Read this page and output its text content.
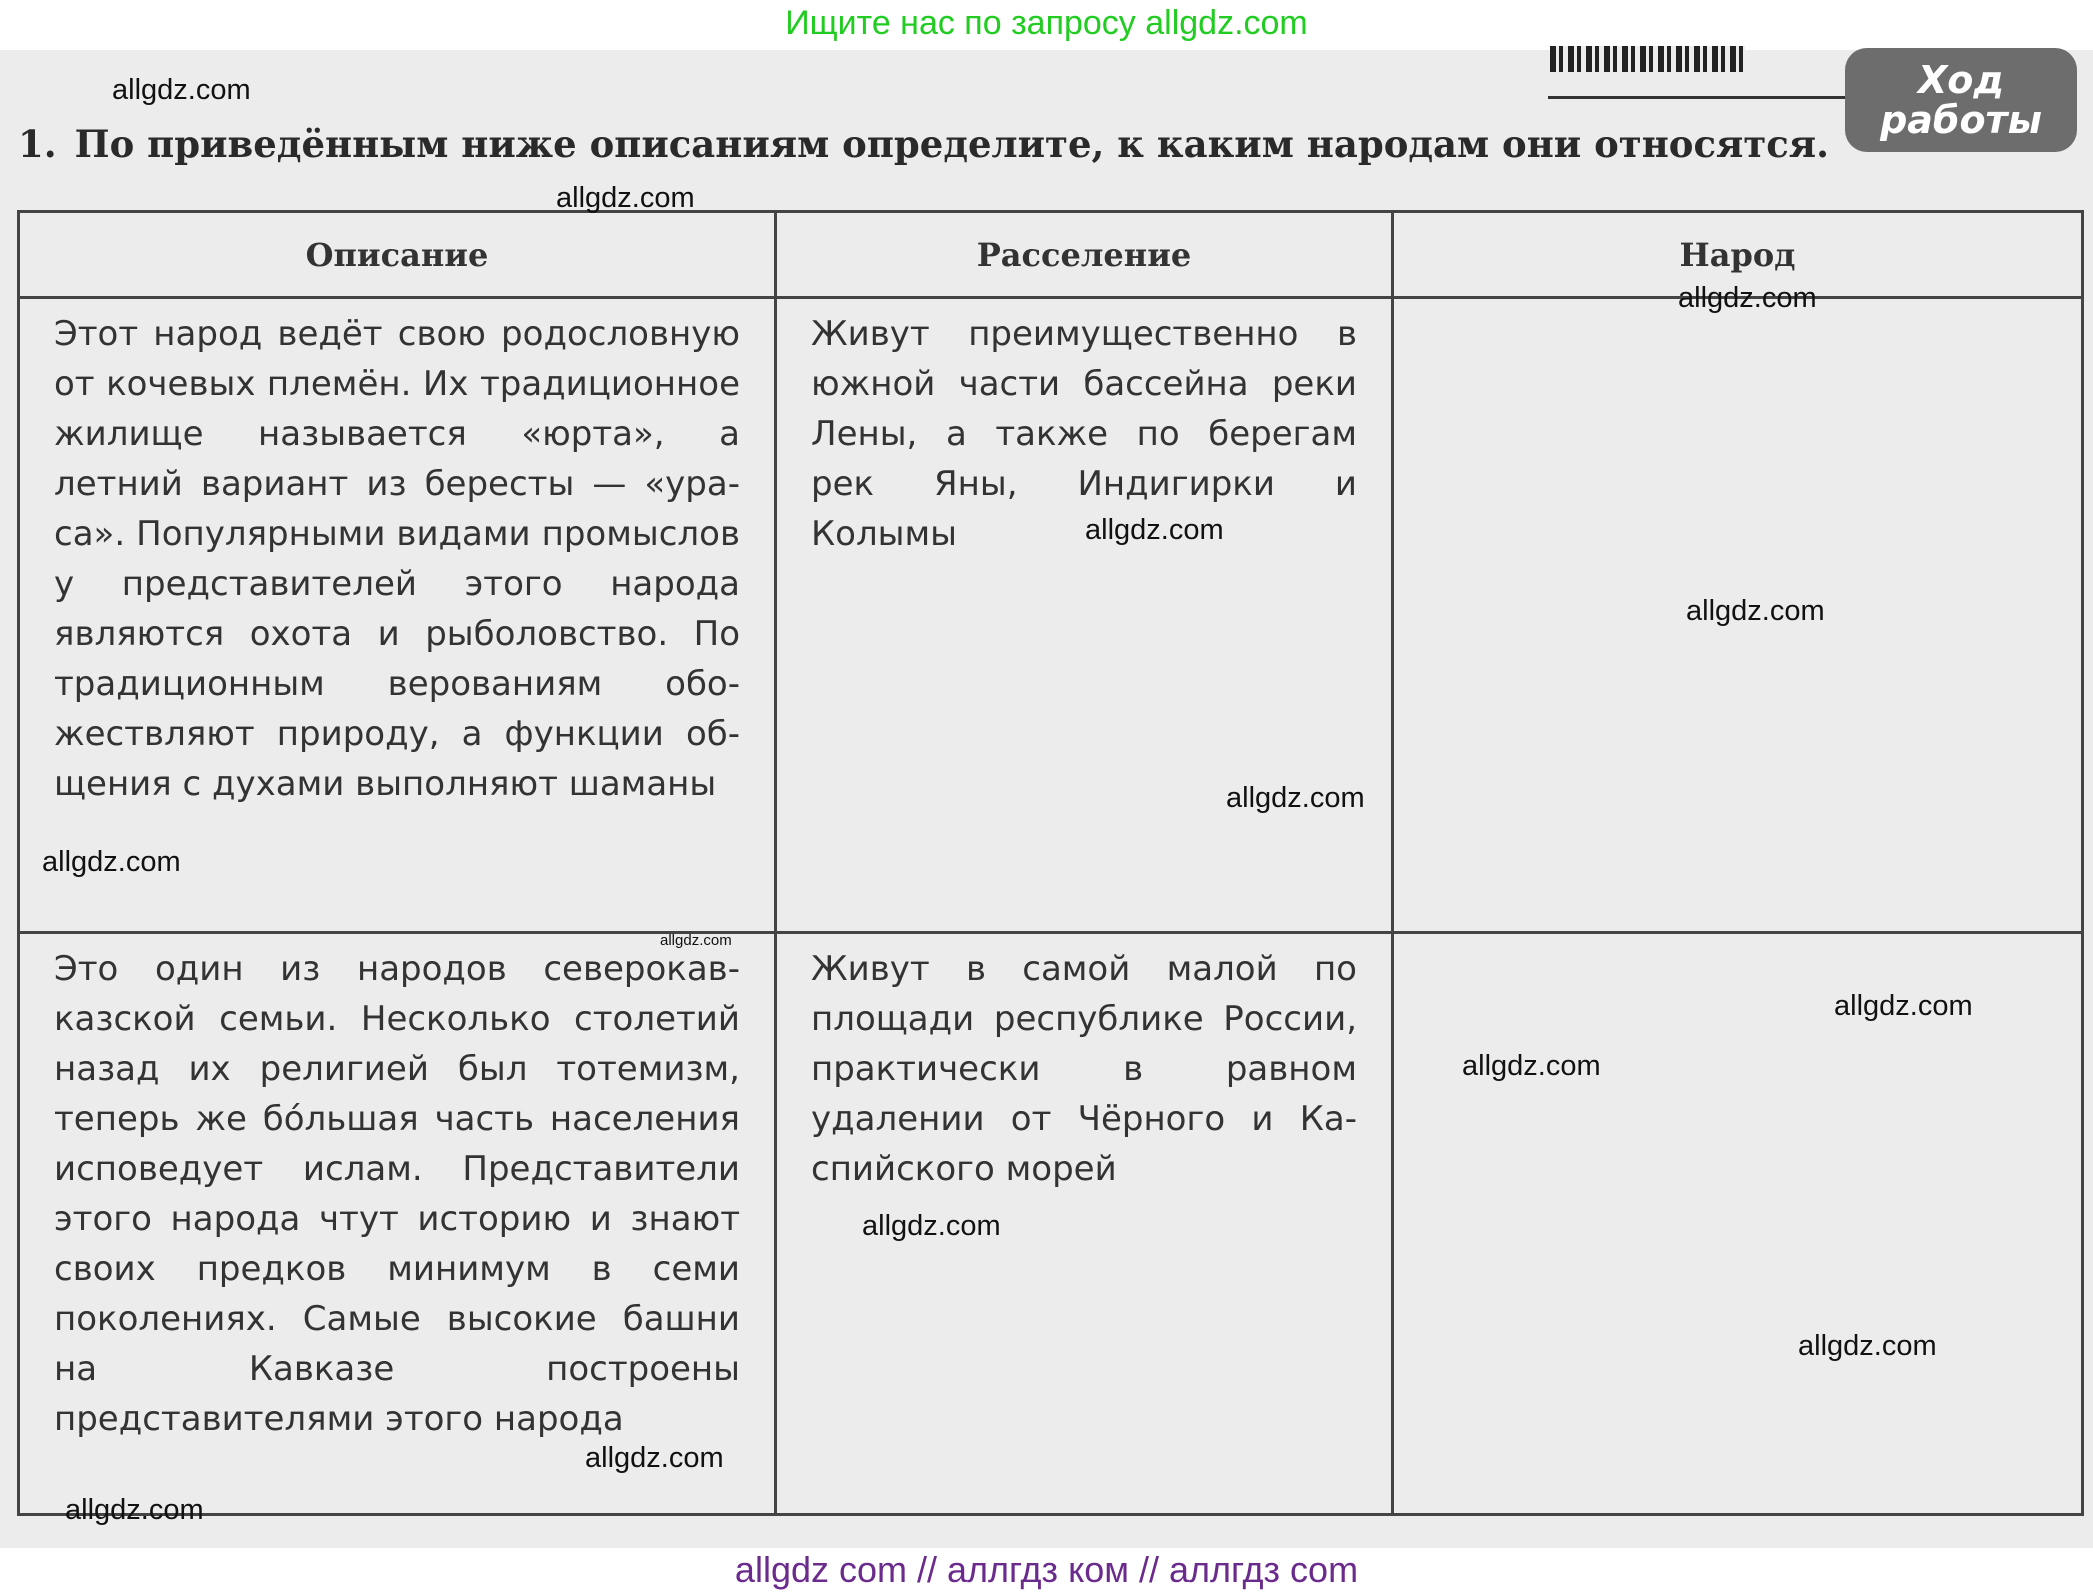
Ищите нас по запросу allgdz.com
Ход
работы
1. По приведённым ниже описаниям определите, к каким народам они относятся.
Описание	Расселение	Народ
Этот народ ведёт свою родословную от кочевых племён. Их традиционное жилище называется «юрта», а летний вариант из бересты — «ураса». Популярными видами промыслов у представителей этого народа являются охота и рыболовство. По традиционным верованиям обожествляют природу, а функции общения с духами выполняют шаманы	Живут преимущественно в южной части бассейна реки Лены, а также по берегам рек Яны, Индигирки и Колымы	
Это один из народов северокавказской семьи. Несколько столетий назад их религией был тотемизм, теперь же бóльшая часть населения исповедует ислам. Представители этого народа чтут историю и знают своих предков минимум в семи поколениях. Самые высокие башни на Кавказе построены представителями этого народа	Живут в самой малой по площади республике России, практически в равном удалении от Чёрного и Каспийского морей	
allgdz.com
allgdz.com
allgdz.com
allgdz.com
allgdz.com
allgdz.com
allgdz.com
allgdz.com
allgdz.com
allgdz.com
allgdz.com
allgdz.com
allgdz.com
allgdz.com
allgdz com // аллгдз ком // аллгдз com
